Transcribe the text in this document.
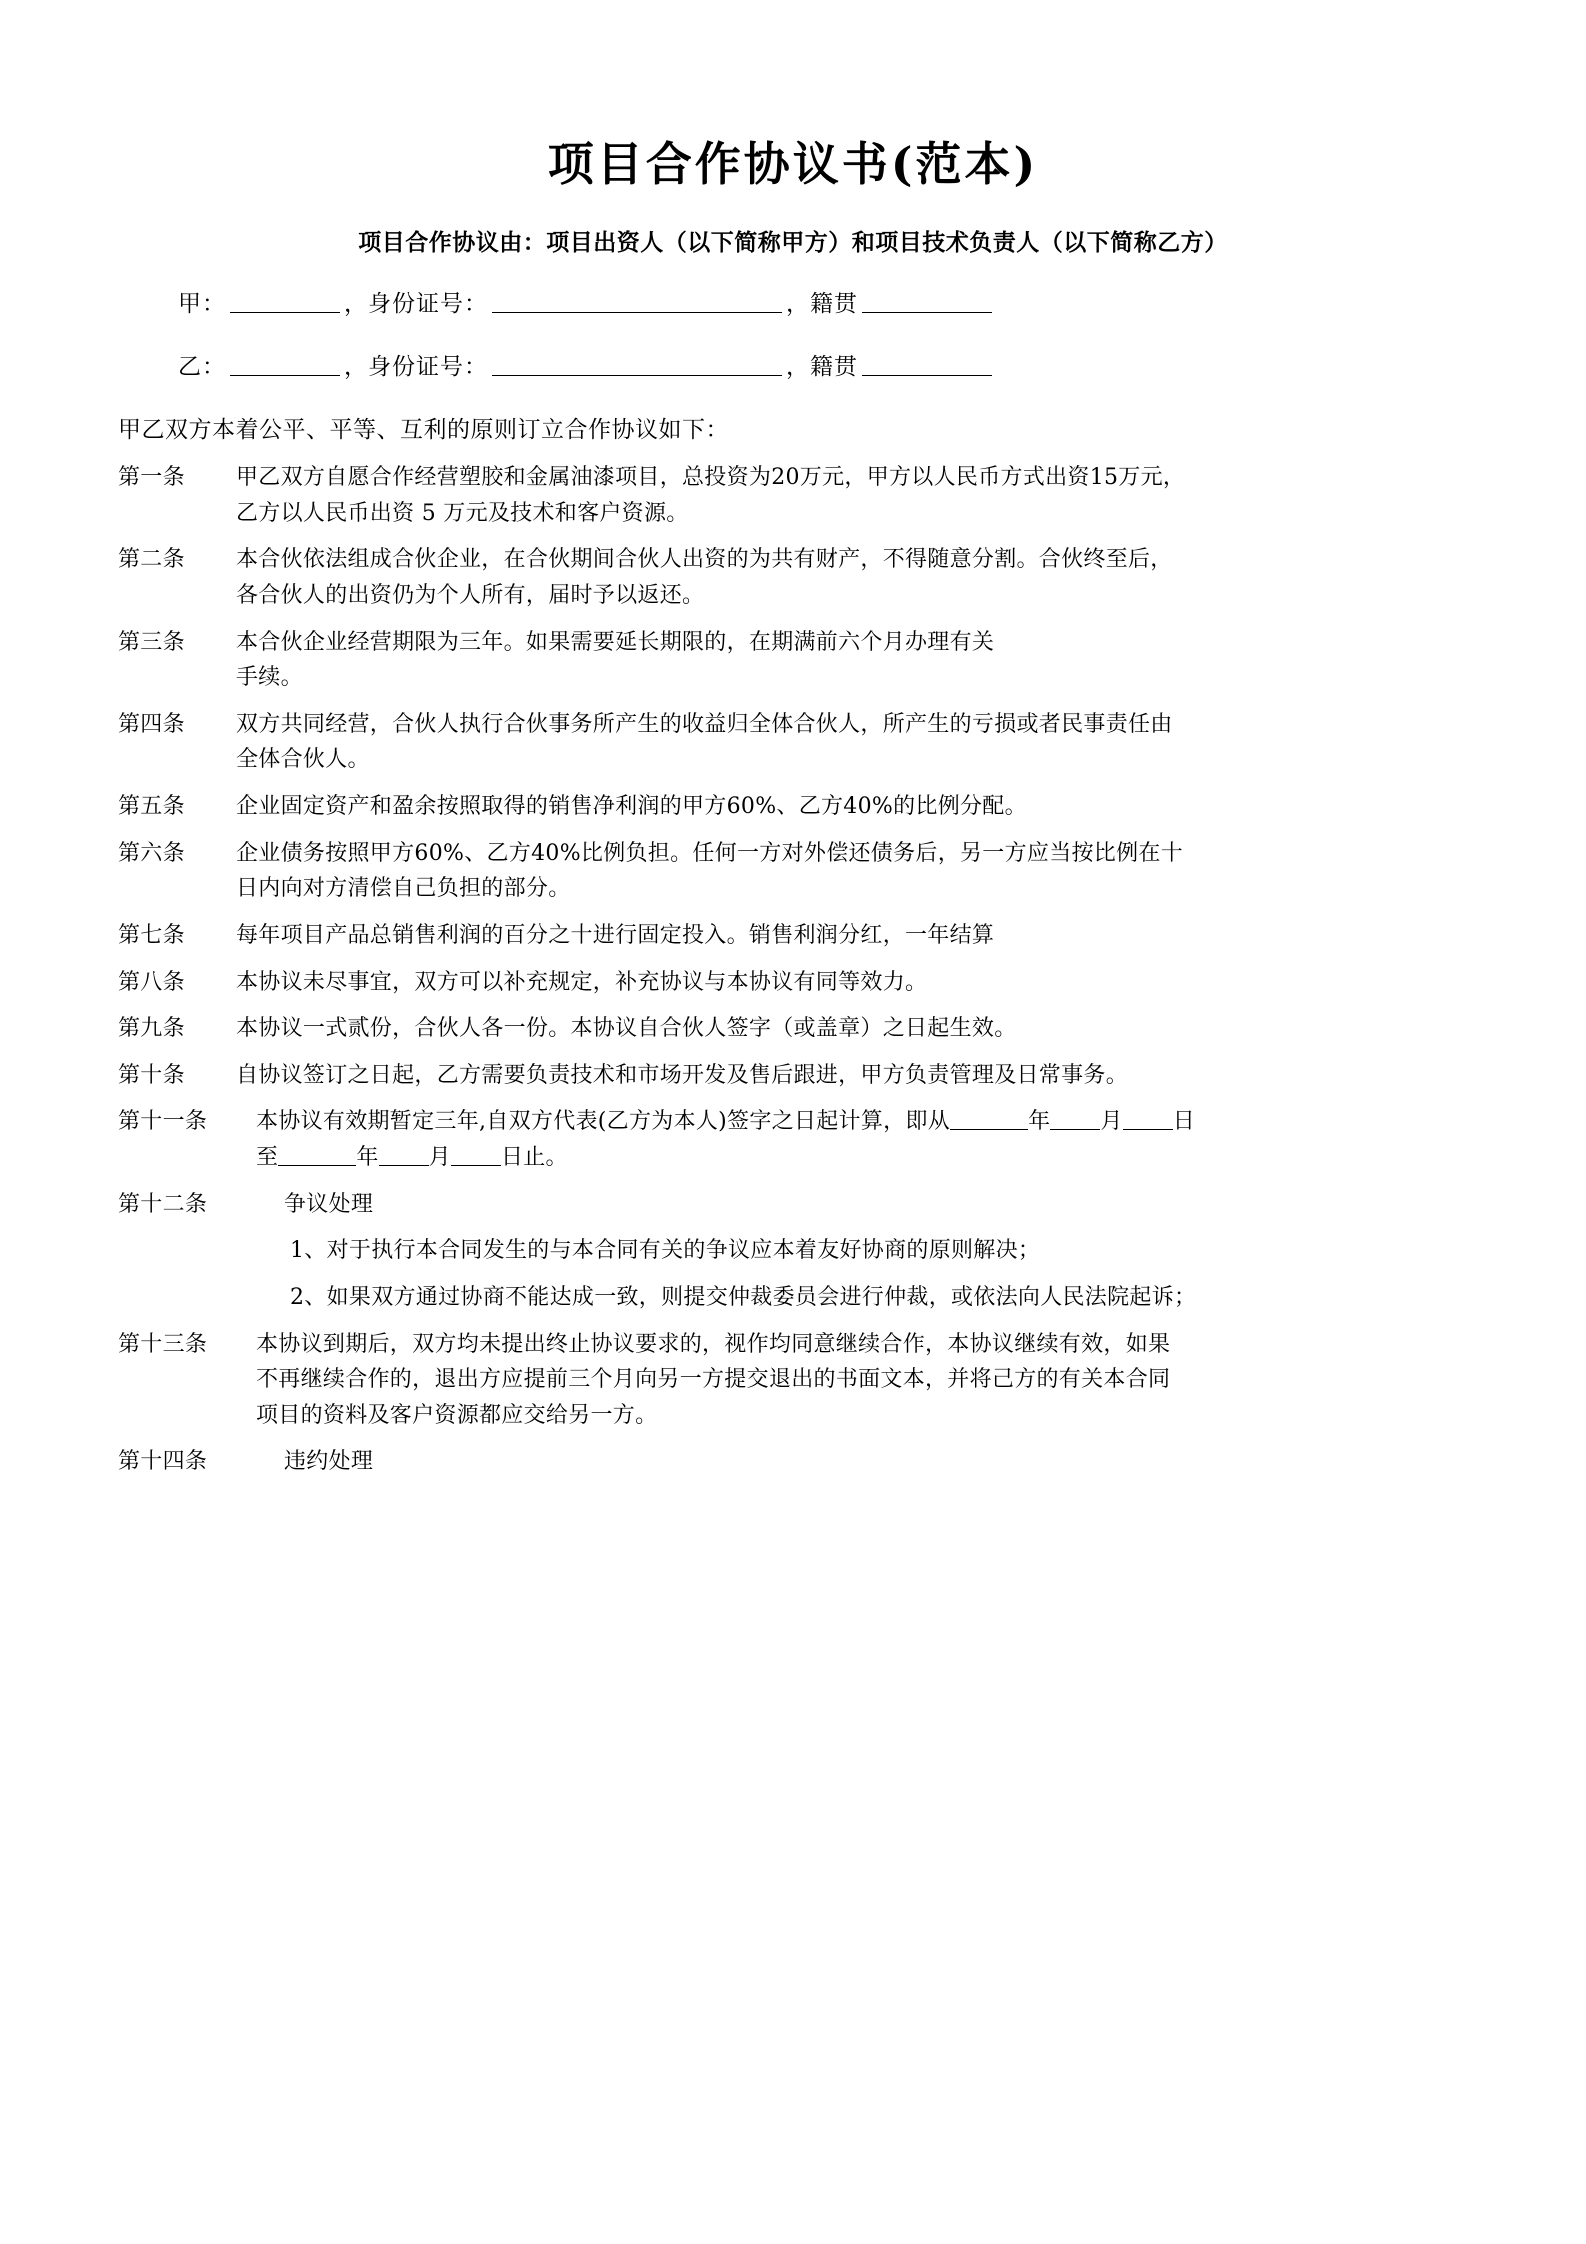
项目合作协议书(范本)
项目合作协议由：项目出资人（以下简称甲方）和项目技术负责人（以下简称乙方）
甲：	，身份证号：	，籍贯
乙：	，身份证号：	，籍贯

甲乙双方本着公平、平等、互利的原则订立合作协议如下：

第一条	甲乙双方自愿合作经营塑胶和金属油漆项目，总投资为20万元，甲方以人民币方式出资15万元，

乙方以人民币出资 5 万元及技术和客户资源。

第二条	本合伙依法组成合伙企业，在合伙期间合伙人出资的为共有财产，不得随意分割。合伙终至后，

各合伙人的出资仍为个人所有，届时予以返还。

第三条	本合伙企业经营期限为三年。如果需要延长期限的，在期满前六个月办理有关

手续。

第四条	双方共同经营，合伙人执行合伙事务所产生的收益归全体合伙人，所产生的亏损或者民事责任由

全体合伙人。

第五条	企业固定资产和盈余按照取得的销售净利润的甲方60%、乙方40%的比例分配。

第六条	企业债务按照甲方60%、乙方40%比例负担。任何一方对外偿还债务后，另一方应当按比例在十

日内向对方清偿自己负担的部分。

第七条	每年项目产品总销售利润的百分之十进行固定投入。销售利润分红，一年结算

第八条	本协议未尽事宜，双方可以补充规定，补充协议与本协议有同等效力。

第九条	本协议一式贰份，合伙人各一份。本协议自合伙人签字（或盖章）之日起生效。

第十条	自协议签订之日起，乙方需要负责技术和市场开发及售后跟进，甲方负责管理及日常事务。

第十一条	本协议有效期暂定三年,自双方代表(乙方为本人)签字之日起计算，即从	年 月 日

至	年 月 日止。

第十二条	争议处理

1、对于执行本合同发生的与本合同有关的争议应本着友好协商的原则解决；

2、如果双方通过协商不能达成一致，则提交仲裁委员会进行仲裁，或依法向人民法院起诉；

第十三条	本协议到期后，双方均未提出终止协议要求的，视作均同意继续合作，本协议继续有效，如果

不再继续合作的，退出方应提前三个月向另一方提交退出的书面文本，并将己方的有关本合同

项目的资料及客户资源都应交给另一方。

第十四条	违约处理
